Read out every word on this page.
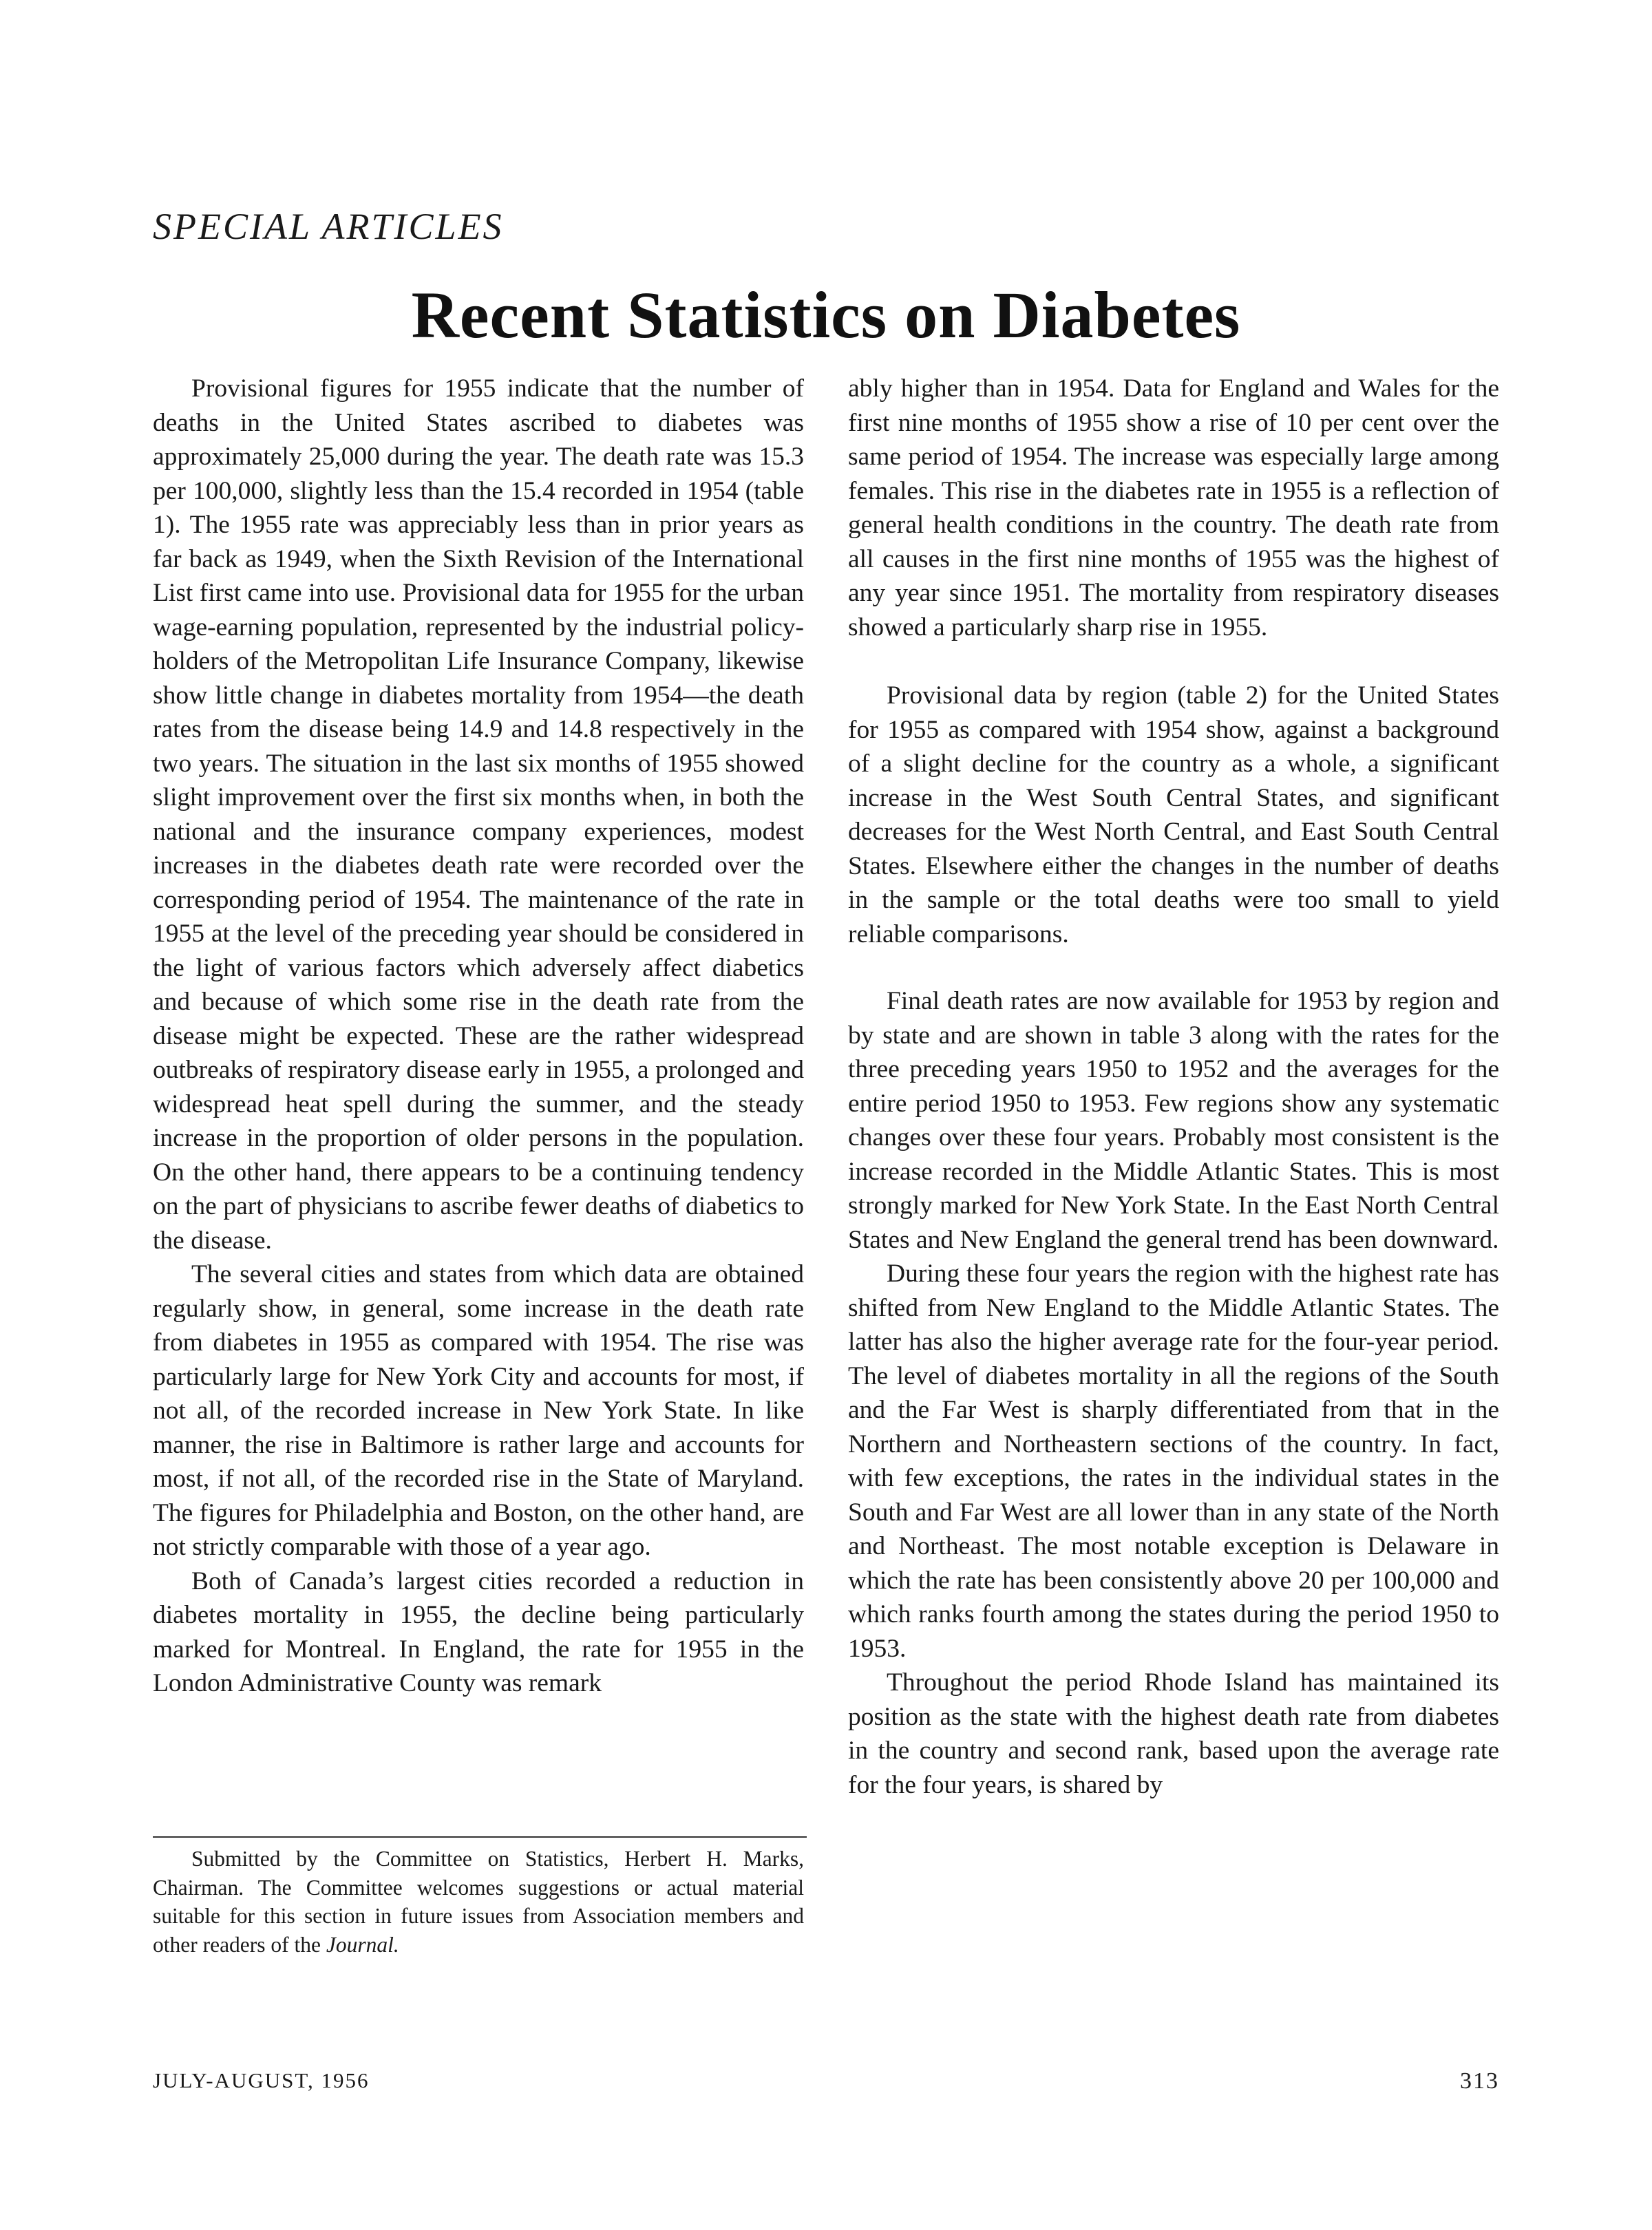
SPECIAL ARTICLES
Recent Statistics on Diabetes

Provisional figures for 1955 indicate that the number of deaths in the United States ascribed to diabetes was approximately 25,000 during the year. The death rate was 15.3 per 100,000, slightly less than the 15.4 recorded in 1954 (table 1). The 1955 rate was appreciably less than in prior years as far back as 1949, when the Sixth Revision of the International List first came into use. Provisional data for 1955 for the urban wage-earning population, represented by the industrial policyholders of the Metropolitan Life Insurance Company, likewise show little change in diabetes mortality from 1954—the death rates from the disease being 14.9 and 14.8 respectively in the two years. The situation in the last six months of 1955 showed slight improvement over the first six months when, in both the national and the insurance company experiences, modest increases in the diabetes death rate were recorded over the corresponding period of 1954. The maintenance of the rate in 1955 at the level of the preceding year should be considered in the light of various factors which adversely affect diabetics and because of which some rise in the death rate from the disease might be expected. These are the rather widespread outbreaks of respiratory disease early in 1955, a prolonged and widespread heat spell during the summer, and the steady increase in the proportion of older persons in the population. On the other hand, there appears to be a continuing tendency on the part of physicians to ascribe fewer deaths of diabetics to the disease.

The several cities and states from which data are obtained regularly show, in general, some increase in the death rate from diabetes in 1955 as compared with 1954. The rise was particularly large for New York City and accounts for most, if not all, of the recorded increase in New York State. In like manner, the rise in Baltimore is rather large and accounts for most, if not all, of the recorded rise in the State of Maryland. The figures for Philadelphia and Boston, on the other hand, are not strictly comparable with those of a year ago.

Both of Canada’s largest cities recorded a reduction in diabetes mortality in 1955, the decline being particularly marked for Montreal. In England, the rate for 1955 in the London Administrative County was remark

Submitted by the Committee on Statistics, Herbert H. Marks, Chairman. The Committee welcomes suggestions or actual material suitable for this section in future issues from Association members and other readers of the Journal.

ably higher than in 1954. Data for England and Wales for the first nine months of 1955 show a rise of 10 per cent over the same period of 1954. The increase was especially large among females. This rise in the diabetes rate in 1955 is a reflection of general health conditions in the country. The death rate from all causes in the first nine months of 1955 was the highest of any year since 1951. The mortality from respiratory diseases showed a particularly sharp rise in 1955.

Provisional data by region (table 2) for the United States for 1955 as compared with 1954 show, against a background of a slight decline for the country as a whole, a significant increase in the West South Central States, and significant decreases for the West North Central, and East South Central States. Elsewhere either the changes in the number of deaths in the sample or the total deaths were too small to yield reliable comparisons.

Final death rates are now available for 1953 by region and by state and are shown in table 3 along with the rates for the three preceding years 1950 to 1952 and the averages for the entire period 1950 to 1953. Few regions show any systematic changes over these four years. Probably most consistent is the increase recorded in the Middle Atlantic States. This is most strongly marked for New York State. In the East North Central States and New England the general trend has been downward.

During these four years the region with the highest rate has shifted from New England to the Middle Atlantic States. The latter has also the higher average rate for the four-year period. The level of diabetes mortality in all the regions of the South and the Far West is sharply differentiated from that in the Northern and Northeastern sections of the country. In fact, with few exceptions, the rates in the individual states in the South and Far West are all lower than in any state of the North and Northeast. The most notable exception is Delaware in which the rate has been consistently above 20 per 100,000 and which ranks fourth among the states during the period 1950 to 1953.

Throughout the period Rhode Island has maintained its position as the state with the highest death rate from diabetes in the country and second rank, based upon the average rate for the four years, is shared by

JULY-AUGUST, 1956	313
